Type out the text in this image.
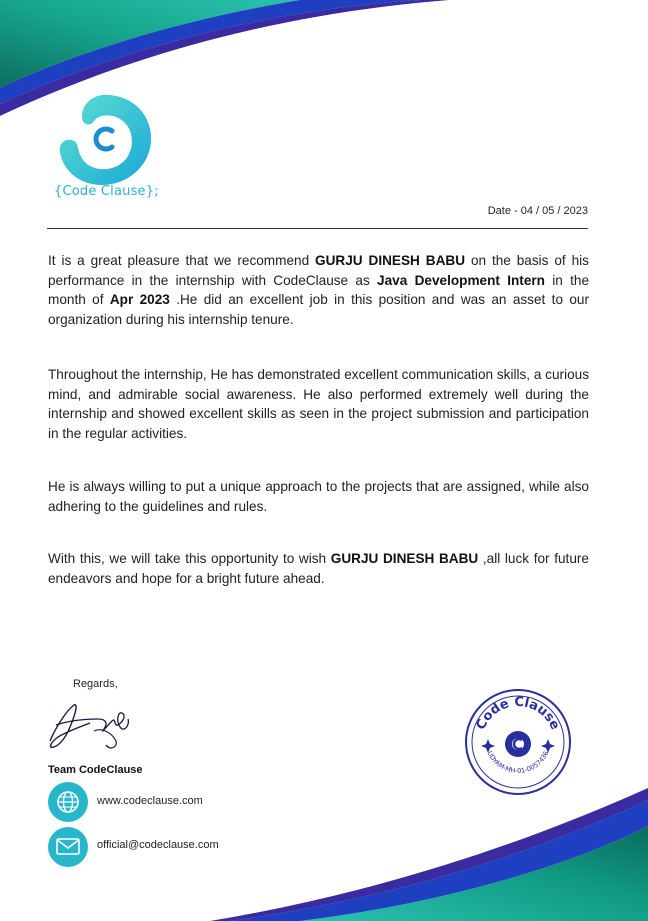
{Code Clause};
Date - 04 / 05 / 2023
It is a great pleasure that we recommend GURJU DINESH BABU on the basis of his performance in the internship with CodeClause as Java Development Intern in the month of Apr 2023 .He did an excellent job in this position and was an asset to our organization during his internship tenure.
Throughout the internship, He has demonstrated excellent communication skills, a curious mind, and admirable social awareness. He also performed extremely well during the internship and showed excellent skills as seen in the project submission and participation in the regular activities.
He is always willing to put a unique approach to the projects that are assigned, while also adhering to the guidelines and rules.
With this, we will take this opportunity to wish GURJU DINESH BABU ,all luck for future endeavors and hope for a bright future ahead.
Regards,
Team CodeClause
www.codeclause.com
official@codeclause.com
Code Clause
UDYAM-MH-01-0057436
